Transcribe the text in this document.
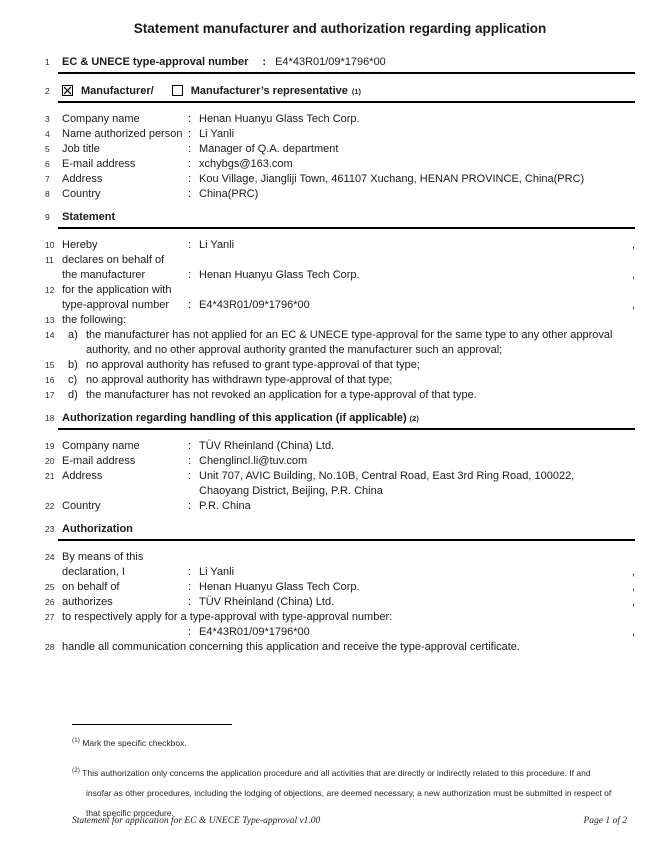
Statement manufacturer and authorization regarding application
1	EC & UNECE type-approval number : E4*43R01/09*1796*00
2	Manufacturer/	Manufacturer’s representative (1)
3	Company name	: Henan Huanyu Glass Tech Corp.
4	Name authorized person : Li Yanli
5	Job title	: Manager of Q.A. department
6	E-mail address	: xchybgs@163.com
7	Address	: Kou Village, Jiangliji Town, 461107 Xuchang, HENAN PROVINCE, China(PRC)
8	Country	: China(PRC)
9	Statement
10 Hereby	: Li Yanli	,
11 declares on behalf of
the manufacturer	: Henan Huanyu Glass Tech Corp.	,
12 for the application with
type-approval number	: E4*43R01/09*1796*00	,
13 the following:
14	a) the manufacturer has not applied for an EC & UNECE type-approval for the same type to any other approval authority, and no other approval authority granted the manufacturer such an approval;
15	b) no approval authority has refused to grant type-approval of that type;
16	c) no approval authority has withdrawn type-approval of that type;
17	d) the manufacturer has not revoked an application for a type-approval of that type.
18 Authorization regarding handling of this application (if applicable) (2)
19 Company name	: TÜV Rheinland (China) Ltd.
20 E-mail address	: Chenglincl.li@tuv.com
21 Address	: Unit 707, AVIC Building, No.10B, Central Road, East 3rd Ring Road, 100022,
Chaoyang District, Beijing, P.R. China
22 Country	: P.R. China
23 Authorization
24 By means of this
declaration, I	: Li Yanli	,
25 on behalf of	: Henan Huanyu Glass Tech Corp.	,
26 authorizes	: TÜV Rheinland (China) Ltd.	,
27 to respectively apply for a type-approval with type-approval number:
: E4*43R01/09*1796*00	,
28 handle all communication concerning this application and receive the type-approval certificate.
$^{(1)}$ Mark the specific checkbox.
$^{(2)}$ This authorization only concerns the application procedure and all activities that are directly or indirectly related to this procedure. If and
insofar as other procedures, including the lodging of objections, are deemed necessary, a new authorization must be submitted in respect of
that specific procedure.
Statement for application for EC & UNECE Type-approval v1.00	Page 1 of 2
